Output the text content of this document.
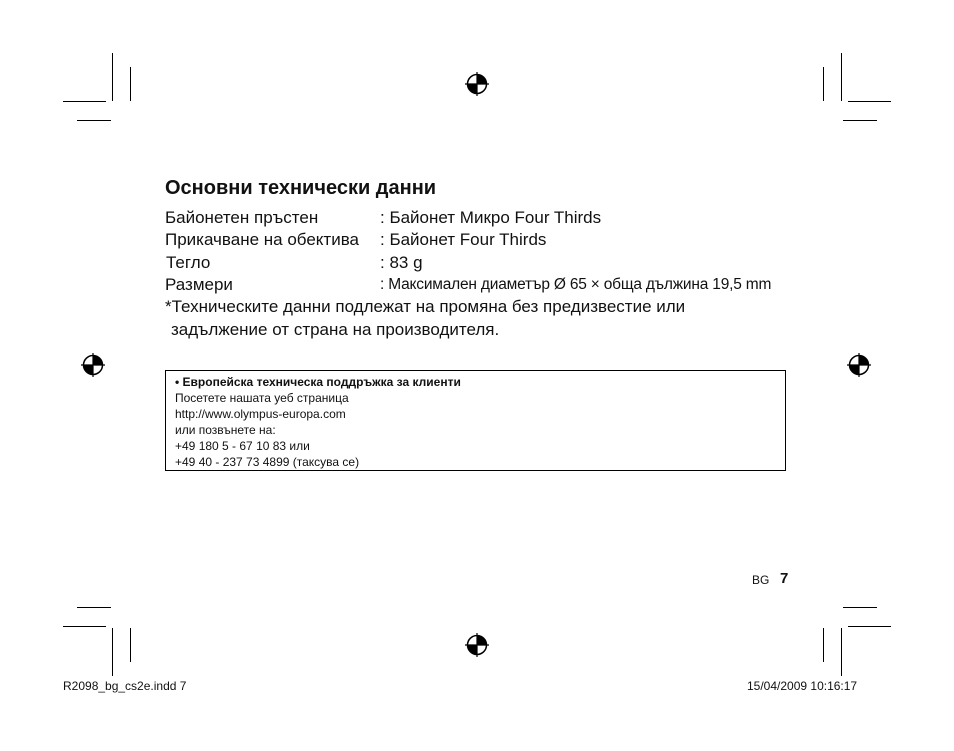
Основни технически данни
Байонетен пръстен	: Байонет Микро Four Thirds
Прикачване на обектива : Байонет Four Thirds
Тегло	: 83 g
Размери	: Максимален диаметър Ø 65 × обща дължина 19,5 mm
*Техническите данни подлежат на промяна без предизвестие или
задължение от страна на производителя.
• Европейска техническа поддръжка за клиенти
Посетете нашата уеб страница
http://www.olympus-europa.com
или позвънете на:
+49 180 5 - 67 10 83 или
+49 40 - 237 73 4899 (таксува се)
BG 7
R2098_bg_cs2e.indd 7	15/04/2009 10:16:17
